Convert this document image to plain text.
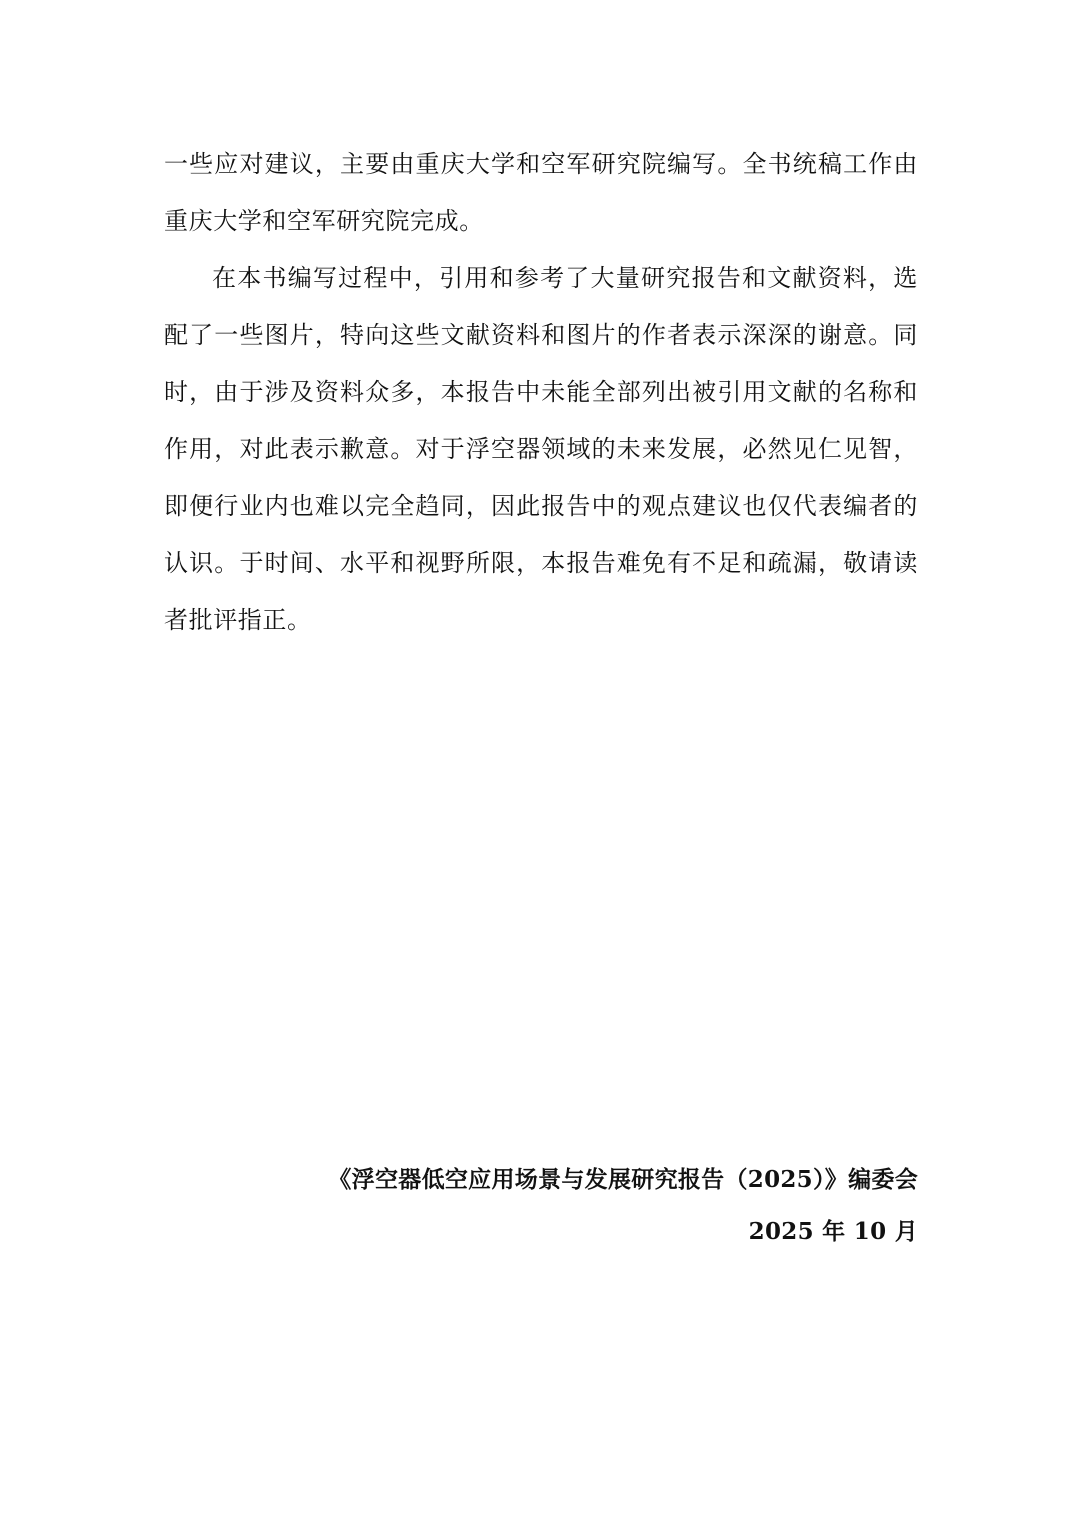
一些应对建议，主要由重庆大学和空军研究院编写。全书统稿工作由重庆大学和空军研究院完成。

在本书编写过程中，引用和参考了大量研究报告和文献资料，选配了一些图片，特向这些文献资料和图片的作者表示深深的谢意。同时，由于涉及资料众多，本报告中未能全部列出被引用文献的名称和作用，对此表示歉意。对于浮空器领域的未来发展，必然见仁见智，即便行业内也难以完全趋同，因此报告中的观点建议也仅代表编者的认识。于时间、水平和视野所限，本报告难免有不足和疏漏，敬请读者批评指正。

《浮空器低空应用场景与发展研究报告（2025）》编委会
2025 年 10 月
